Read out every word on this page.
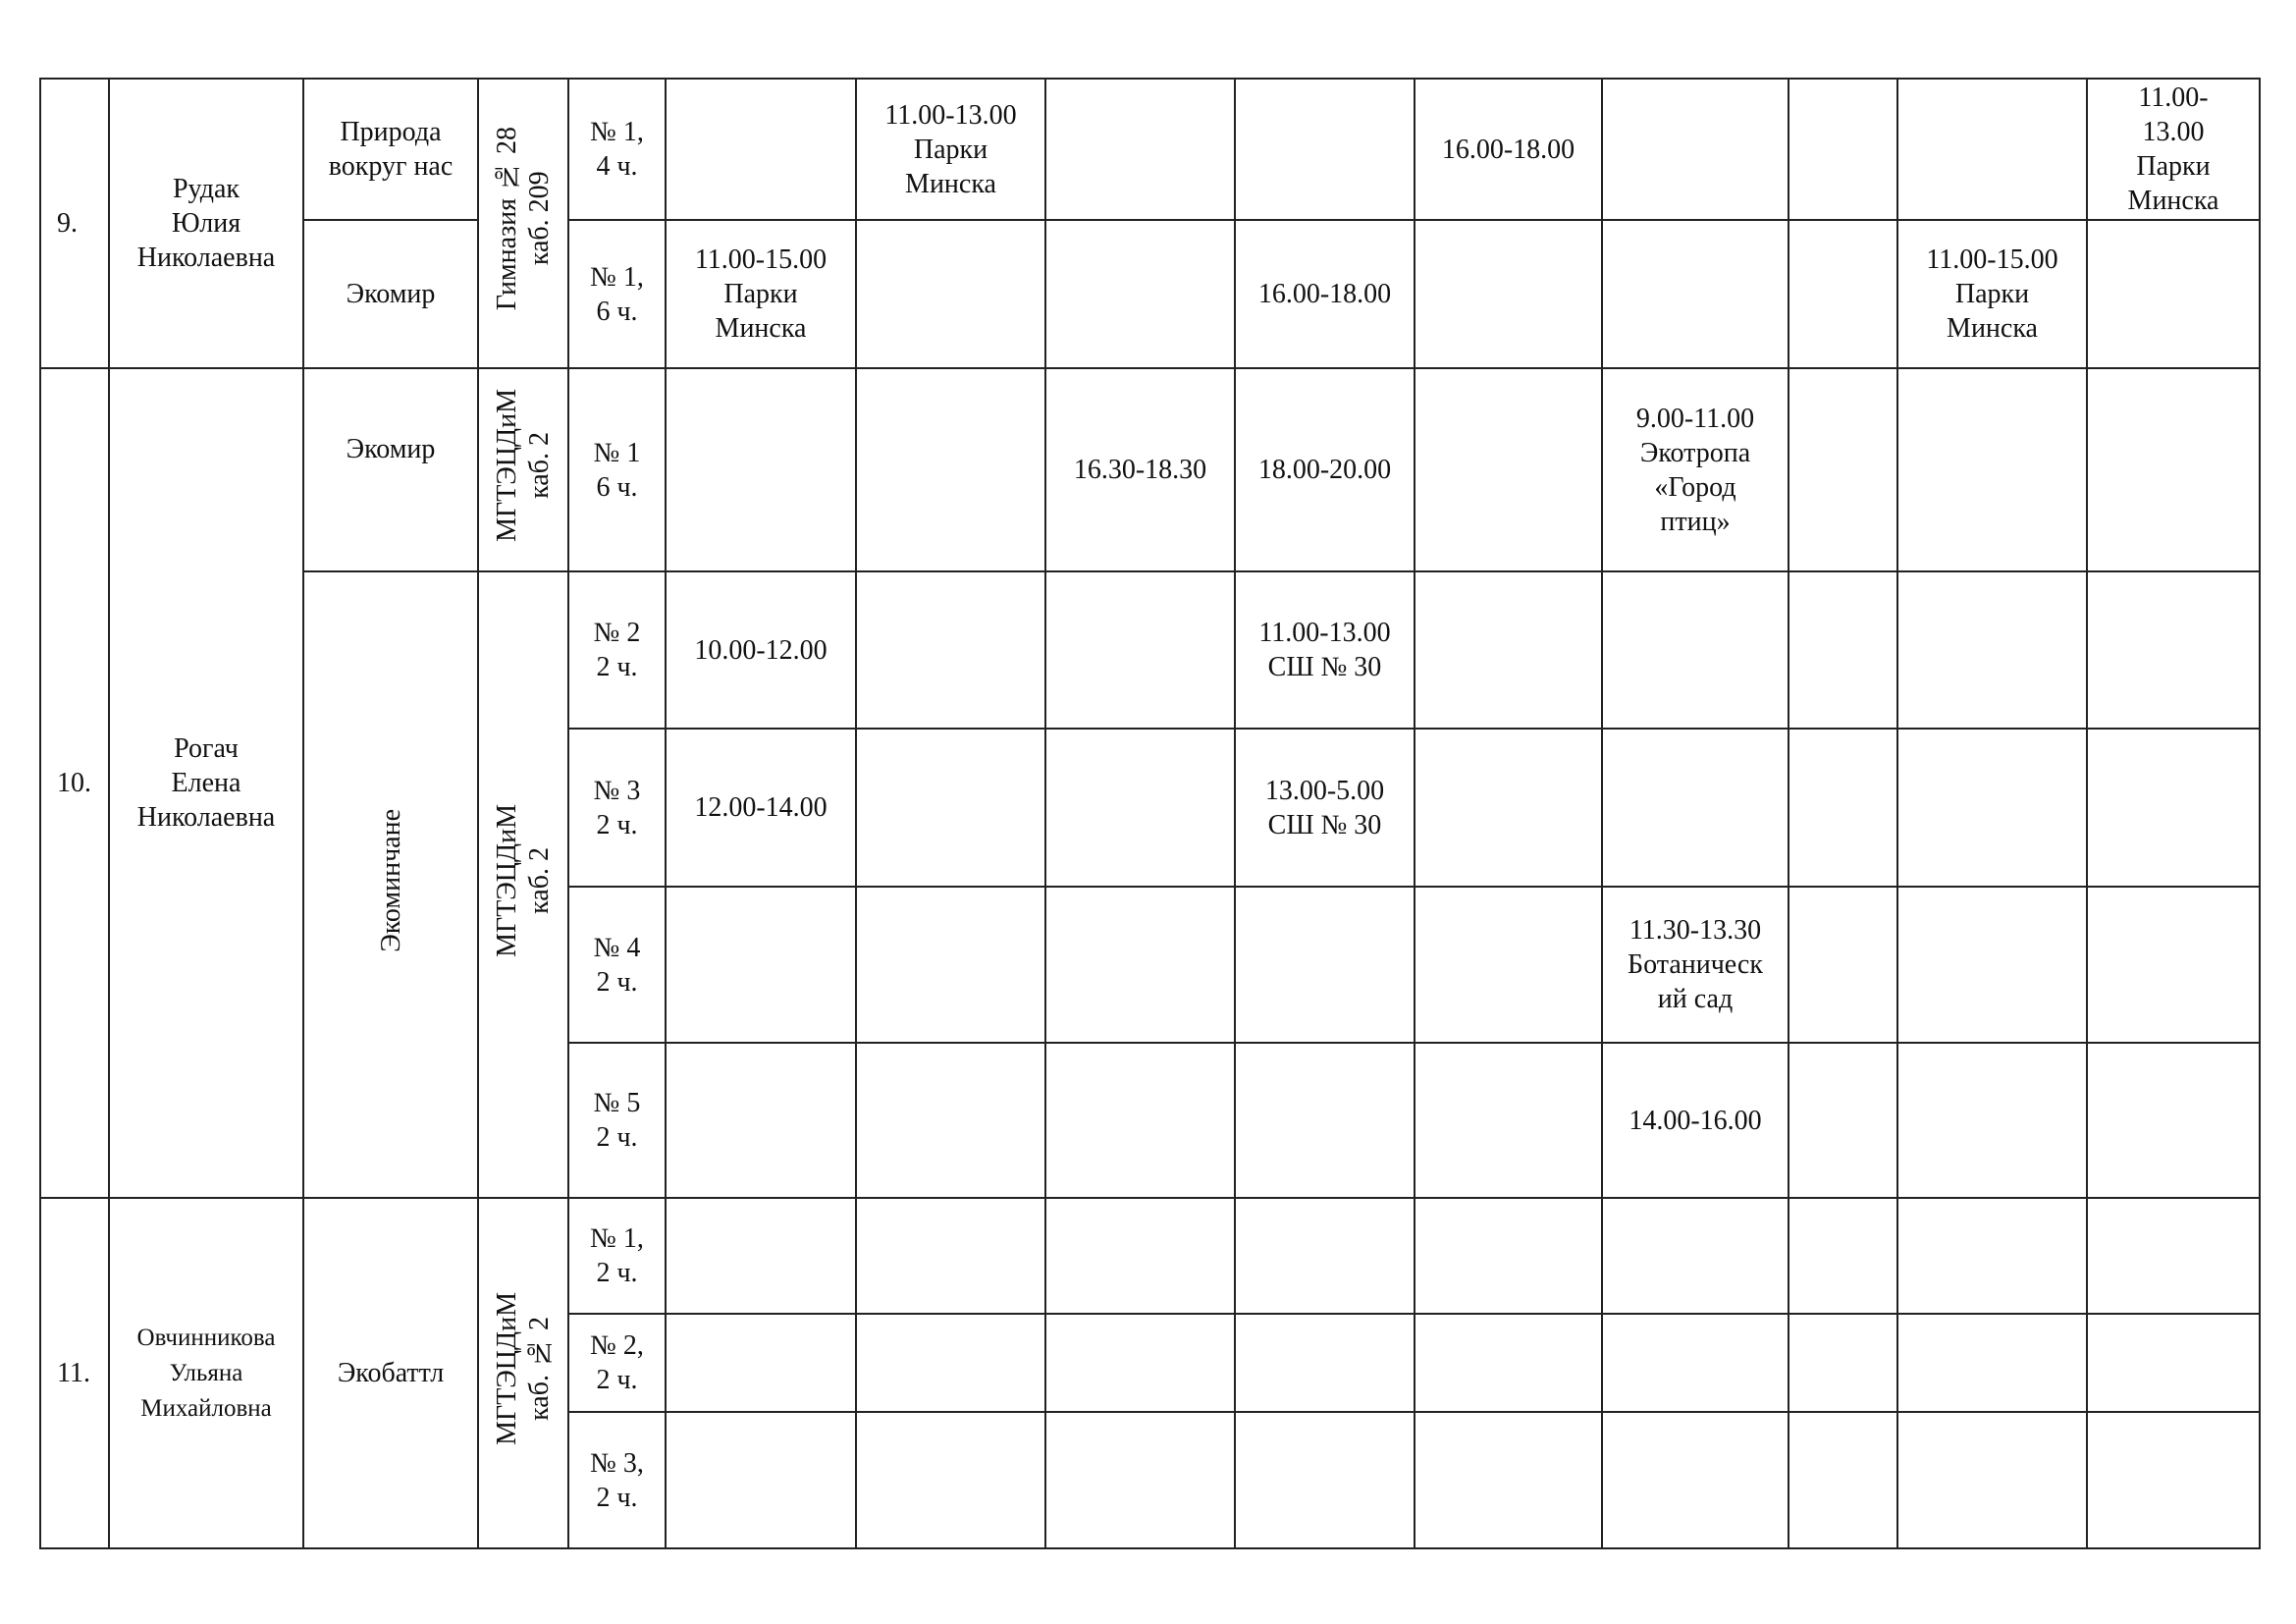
9.	Рудак
Юлия
Николаевна	Природа
вокруг нас	Гимназия № 28
каб. 209	№ 1,
4 ч.		11.00-13.00
Парки
Минска			16.00-18.00				11.00-
13.00
Парки
Минска
		Экомир		№ 1,
6 ч.	11.00-15.00
Парки
Минска			16.00-18.00				11.00-15.00
Парки
Минска	
10.	Рогач
Елена
Николаевна	Экомир	МГТЭЦДиМ
каб. 2	№ 1
6 ч.			16.30-18.30	18.00-20.00		9.00-11.00
Экотропа
«Город
птиц»			
		Экоминчане	МГТЭЦДиМ
каб. 2	№ 2
2 ч.	10.00-12.00			11.00-13.00
СШ № 30					
				№ 3
2 ч.	12.00-14.00			13.00-5.00
СШ № 30					
				№ 4
2 ч.						11.30-13.30
Ботаническ
ий сад			
				№ 5
2 ч.						14.00-16.00			
11.	Овчинникова
Ульяна
Михайловна	Экобаттл	МГТЭЦДиМ
каб. № 2	№ 1,
2 ч.									
				№ 2,
2 ч.									
				№ 3,
2 ч.									
